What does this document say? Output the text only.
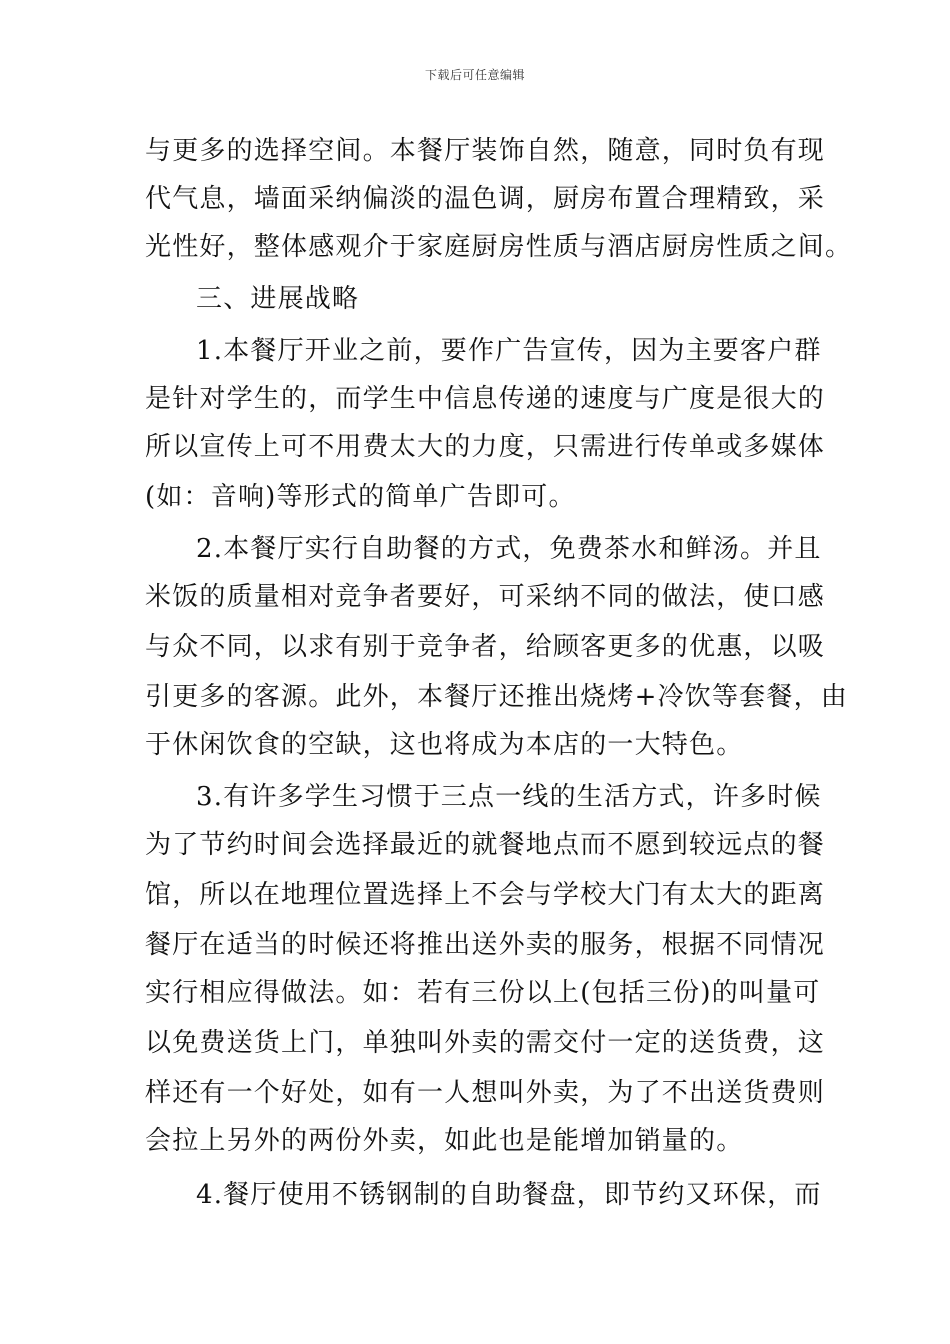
下载后可任意编辑
与更多的选择空间。本餐厅装饰自然，随意，同时负有现
代气息，墙面采纳偏淡的温色调，厨房布置合理精致，采
光性好，整体感观介于家庭厨房性质与酒店厨房性质之间。
三、进展战略
1.本餐厅开业之前，要作广告宣传，因为主要客户群
是针对学生的，而学生中信息传递的速度与广度是很大的
所以宣传上可不用费太大的力度，只需进行传单或多媒体
(如：音响)等形式的简单广告即可。
2.本餐厅实行自助餐的方式，免费茶水和鲜汤。并且
米饭的质量相对竞争者要好，可采纳不同的做法，使口感
与众不同，以求有别于竞争者，给顾客更多的优惠，以吸
引更多的客源。此外，本餐厅还推出烧烤+冷饮等套餐，由
于休闲饮食的空缺，这也将成为本店的一大特色。
3.有许多学生习惯于三点一线的生活方式，许多时候
为了节约时间会选择最近的就餐地点而不愿到较远点的餐
馆，所以在地理位置选择上不会与学校大门有太大的距离
餐厅在适当的时候还将推出送外卖的服务，根据不同情况
实行相应得做法。如：若有三份以上(包括三份)的叫量可
以免费送货上门，单独叫外卖的需交付一定的送货费，这
样还有一个好处，如有一人想叫外卖，为了不出送货费则
会拉上另外的两份外卖，如此也是能增加销量的。
4.餐厅使用不锈钢制的自助餐盘，即节约又环保，而
